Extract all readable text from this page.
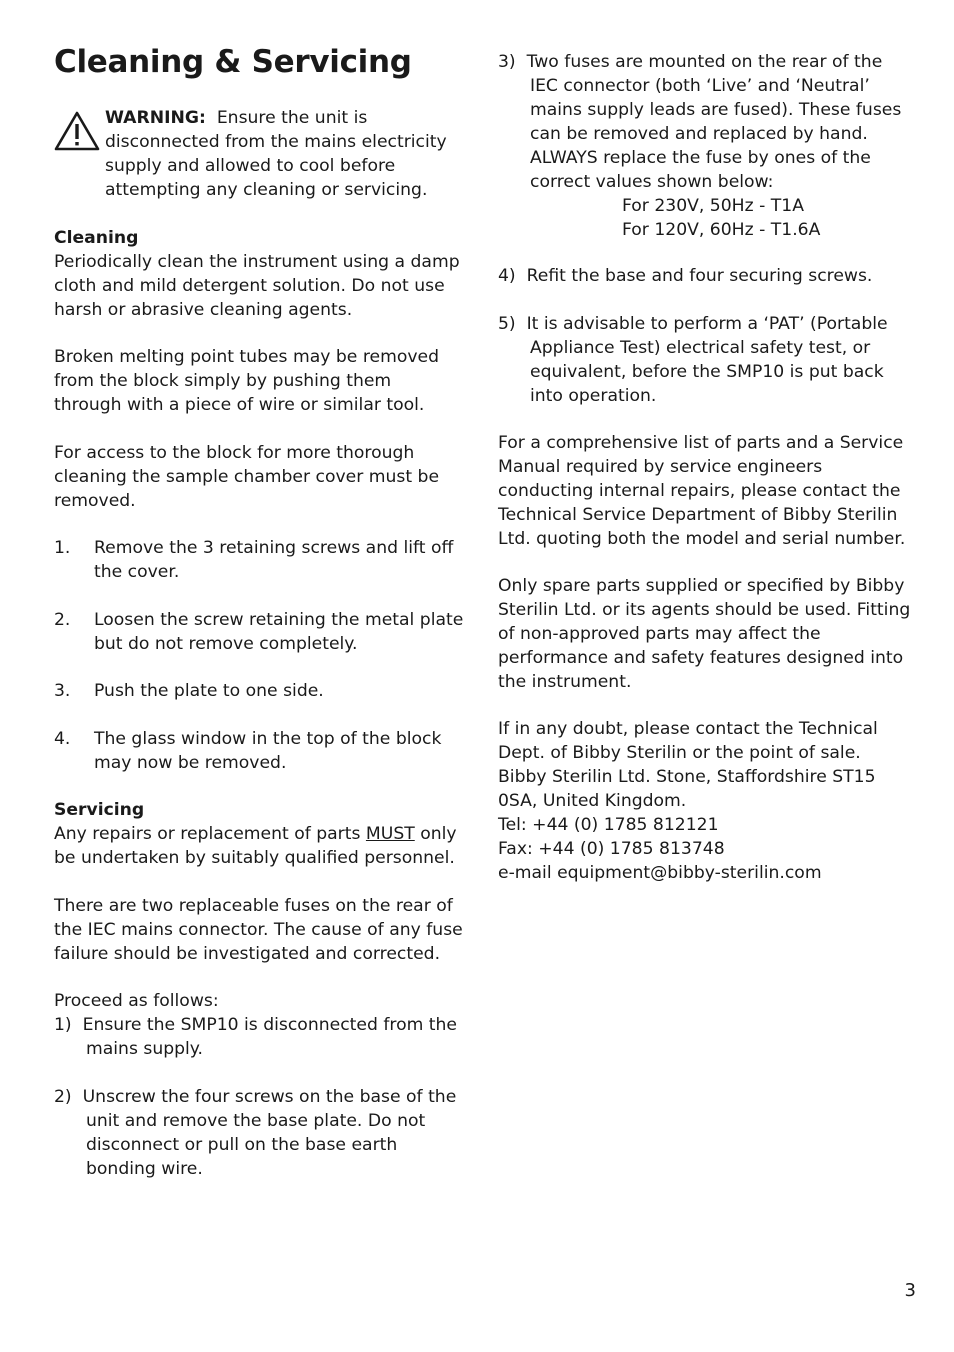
Cleaning & Servicing

WARNING: Ensure the unit is disconnected from the mains electricity supply and allowed to cool before attempting any cleaning or servicing.

Cleaning

Periodically clean the instrument using a damp cloth and mild detergent solution. Do not use harsh or abrasive cleaning agents.

Broken melting point tubes may be removed from the block simply by pushing them through with a piece of wire or similar tool.

For access to the block for more thorough cleaning the sample chamber cover must be removed.

1. Remove the 3 retaining screws and lift off the cover.
2. Loosen the screw retaining the metal plate but do not remove completely.
3. Push the plate to one side.
4. The glass window in the top of the block may now be removed.

Servicing

Any repairs or replacement of parts MUST only be undertaken by suitably qualified personnel.

There are two replaceable fuses on the rear of the IEC mains connector. The cause of any fuse failure should be investigated and corrected.

Proceed as follows:

1) Ensure the SMP10 is disconnected from the mains supply.

2) Unscrew the four screws on the base of the unit and remove the base plate. Do not disconnect or pull on the base earth bonding wire.

3) Two fuses are mounted on the rear of the IEC connector (both ‘Live’ and ‘Neutral’ mains supply leads are fused). These fuses can be removed and replaced by hand. ALWAYS replace the fuse by ones of the correct values shown below:

For 230V, 50Hz - T1A

For 120V, 60Hz - T1.6A

4) Refit the base and four securing screws.

5) It is advisable to perform a ‘PAT’ (Portable Appliance Test) electrical safety test, or equivalent, before the SMP10 is put back into operation.

For a comprehensive list of parts and a Service Manual required by service engineers conducting internal repairs, please contact the Technical Service Department of Bibby Sterilin Ltd. quoting both the model and serial number.

Only spare parts supplied or specified by Bibby Sterilin Ltd. or its agents should be used. Fitting of non-approved parts may affect the performance and safety features designed into the instrument.

If in any doubt, please contact the Technical Dept. of Bibby Sterilin or the point of sale.

Bibby Sterilin Ltd. Stone, Staffordshire ST15 0SA, United Kingdom.

Tel: +44 (0) 1785 812121

Fax: +44 (0) 1785 813748

e-mail equipment@bibby-sterilin.com

3
